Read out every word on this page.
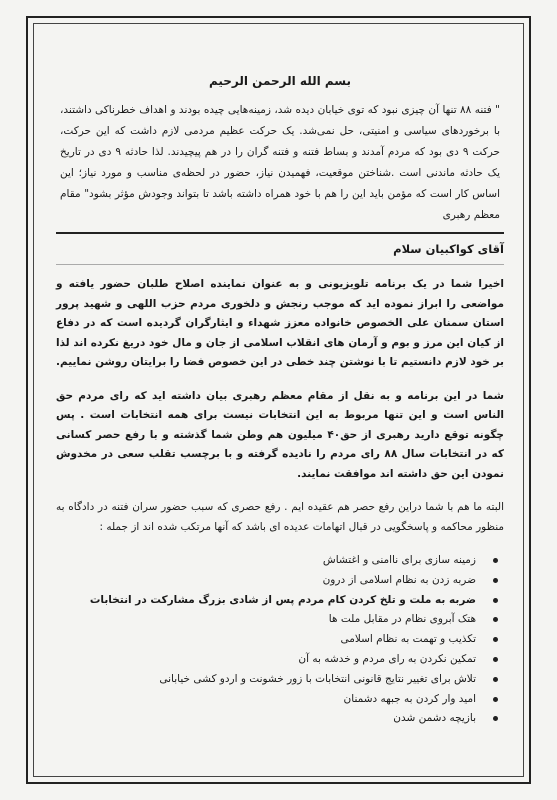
بسم الله الرحمن الرحیم
" فتنه ۸۸ تنها آن چیزی نبود که توی خیابان دیده شد، زمینه‌هایی چیده بودند و اهداف خطرناکی داشتند، با برخوردهای سیاسی و امنیتی، حل نمی‌شد. یک حرکت عظیم مردمی لازم داشت که این حرکت، حرکت ۹ دی بود که مردم آمدند و بساط فتنه و فتنه گران را در هم پیچیدند. لذا حادثه ۹ دی در تاریخ یک حادثه ماندنی است .شناختن موقعیت، فهمیدن نیاز، حضور در لحظه‌ی مناسب و مورد نیاز؛ این اساس کار است که مؤمن باید این را هم با خود همراه داشته باشد تا بتواند وجودش مؤثر بشود" مقام معظم رهبری
آقای کواکبیان سلام

اخیرا شما در یک برنامه تلویزیونی و به عنوان نماینده اصلاح طلبان حضور یافته و مواضعی را ابراز نموده اید که موجب رنجش و دلخوری مردم حزب اللهی و شهید پرور استان سمنان علی الخصوص خانواده معزز شهداء و ایثارگران گردیده است که در دفاع از کیان این مرز و بوم و آرمان های انقلاب اسلامی از جان و مال خود دریغ نکرده اند لذا بر خود لازم دانستیم تا با نوشتن چند خطی در این خصوص فضا را برایتان روشن نماییم.

شما در این برنامه و به نقل از مقام معظم رهبری بیان داشته اید که رای مردم حق الناس است و این تنها مربوط به این انتخابات نیست برای همه انتخابات است . پس چگونه توقع دارید رهبری از حق۴۰ میلیون هم وطن شما گذشته و با رفع حصر کسانی که در انتخابات سال ۸۸ رای مردم را نادیده گرفته و با برچسب تقلب سعی در مخدوش نمودن این حق داشته اند موافقت نمایند.

البته ما هم با شما دراین رفع حصر هم عقیده ایم . رفع حصری که سبب حضور سران فتنه در دادگاه به منظور محاکمه و پاسخگویی در قبال اتهامات عدیده ای باشد که آنها مرتکب شده اند از جمله :

زمینه سازی برای ناامنی و اغتشاش
ضربه زدن به نظام اسلامی از درون
ضربه به ملت و تلخ کردن کام مردم پس از شادی بزرگ مشارکت در انتخابات
هتک آبروی نظام در مقابل ملت ها
تکذیب و تهمت به نظام اسلامی
تمکین نکردن به رای مردم و خدشه به آن
تلاش برای تغییر نتایج قانونی انتخابات با زور خشونت و اردو کشی خیابانی
امید وار کردن به جبهه دشمنان
بازیچه دشمن شدن
